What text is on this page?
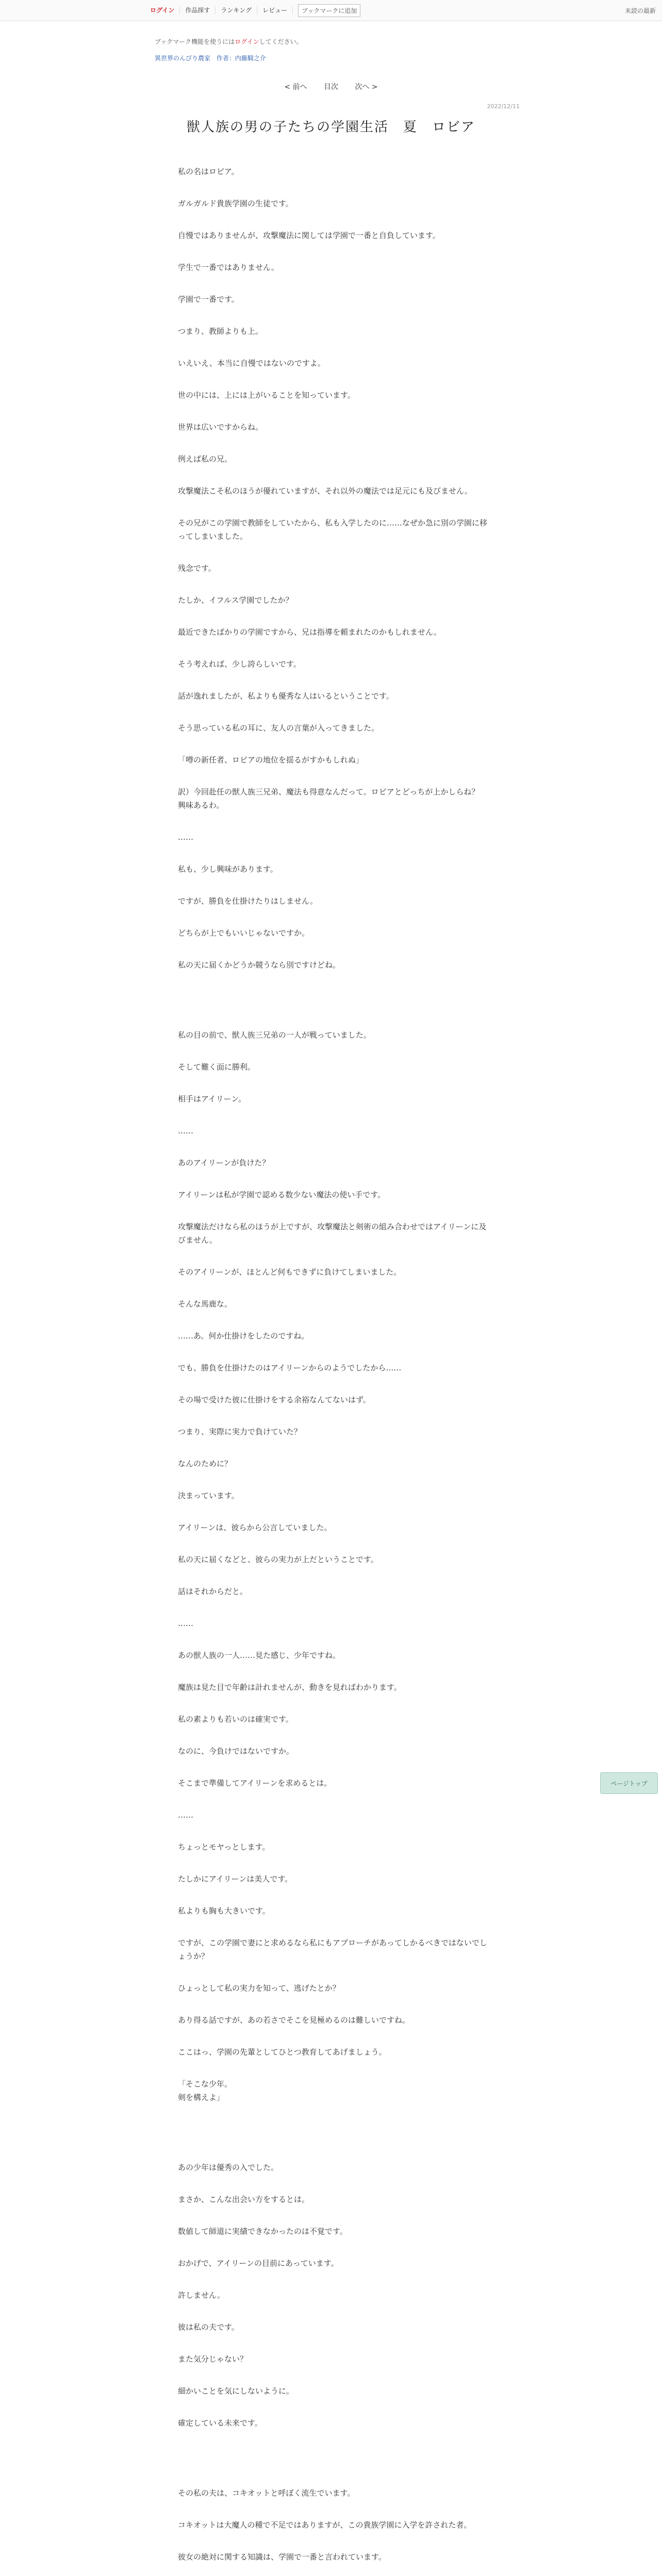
ログイン	作品探す	ランキング	レビュー	ブックマークに追加	未読の最新
ブックマーク機能を使うにはログインしてください。
異世界のんびり農家 作者：内藤騎之介
< 前へ 目次 次へ >
2022/12/11
獣人族の男の子たちの学園生活　夏　ロビア

私の名はロビア。

ガルガルド貴族学園の生徒です。

自慢ではありませんが、攻撃魔法に関しては学園で一番と自負しています。

学生で一番ではありません。

学園で一番です。

つまり、教師よりも上。

いえいえ、本当に自慢ではないのですよ。

世の中には、上には上がいることを知っています。

世界は広いですからね。

例えば私の兄。

攻撃魔法こそ私のほうが優れていますが、それ以外の魔法では足元にも及びません。

その兄がこの学園で教師をしていたから、私も入学したのに……なぜか急に別の学園に移ってしまいました。

残念です。

たしか、イフルス学園でしたか？

最近できたばかりの学園ですから、兄は指導を頼まれたのかもしれません。

そう考えれば、少し誇らしいです。

話が逸れましたが、私よりも優秀な人はいるということです。

そう思っている私の耳に、友人の言葉が入ってきました。

「噂の新任者、ロビアの地位を揺るがすかもしれぬ」

訳）今回赴任の獣人族三兄弟、魔法も得意なんだって。ロビアとどっちが上かしらね？　興味あるわ。

……

私も、少し興味があります。

ですが、勝負を仕掛けたりはしません。

どちらが上でもいいじゃないですか。

私の天に届くかどうか競うなら別ですけどね。

私の目の前で、獣人族三兄弟の一人が戦っていました。

そして難く面に勝利。

相手はアイリーン。

……

あのアイリーンが負けた？

アイリーンは私が学園で認める数少ない魔法の使い手です。

攻撃魔法だけなら私のほうが上ですが、攻撃魔法と剣術の組み合わせではアイリーンに及びません。

そのアイリーンが、ほとんど何もできずに負けてしまいました。

そんな馬鹿な。

……あ。何か仕掛けをしたのですね。

でも、勝負を仕掛けたのはアイリーンからのようでしたから……

その場で受けた彼に仕掛けをする余裕なんてないはず。

つまり、実際に実力で負けていた？

なんのために？

決まっています。

アイリーンは、彼らから公言していました。

私の天に届くなどと、彼らの実力が上だということです。

話はそれからだと。

……

あの獣人族の一人……見た感じ、少年ですね。

魔族は見た目で年齢は計れませんが、動きを見ればわかります。

私の素よりも若いのは確実です。

なのに、今負けではないですか。

そこまで準備してアイリーンを求めるとは。

……

ちょっとモヤっとします。

たしかにアイリーンは美人です。

私よりも胸も大きいです。

ですが、この学園で妻にと求めるなら私にもアプローチがあってしかるべきではないでしょうか？

ひょっとして私の実力を知って、逃げたとか？

あり得る話ですが、あの若さでそこを見極めるのは難しいですね。

ここはっ、学園の先輩としてひとつ教育してあげましょう。

「そこな少年。
剣を構えよ」

あの少年は優秀の入でした。

まさか、こんな出会い方をするとは。

数値して師道に実績できなかったのは不覚です。

おかげで、アイリーンの目前にあっています。

許しません。

彼は私の夫です。

また気分じゃない？

細かいことを気にしないように。

確定している未来です。

その私の夫は、コキオットと呼ぼく流生でいます。

コキオットは大魔人の種で不足ではありますが、この貴族学園に入学を許された者。

彼女の絶対に関する知識は、学園で一番と言われています。

ページトップ
